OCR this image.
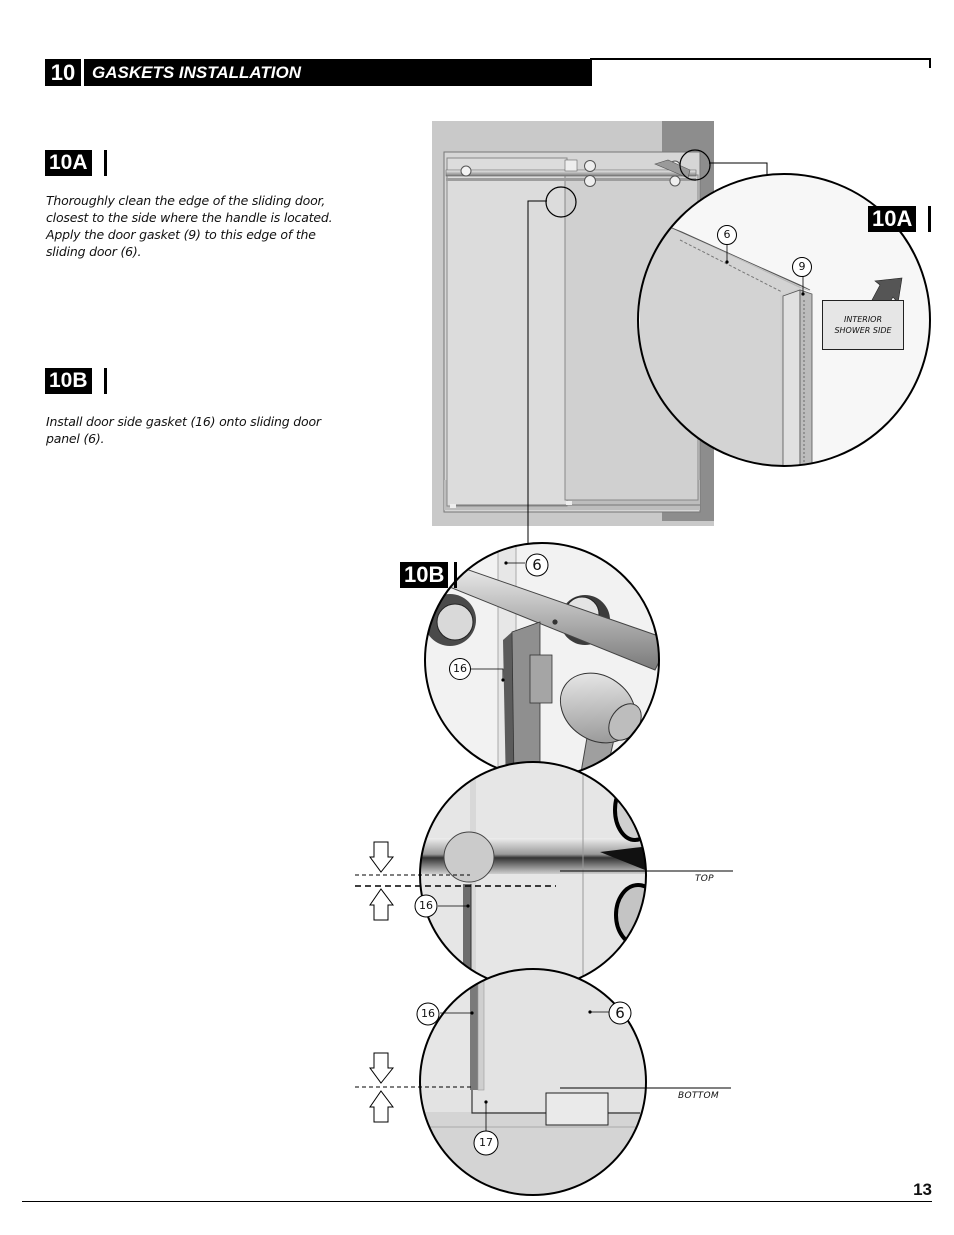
10 GASKETS INSTALLATION
10A
Thoroughly clean the edge of the sliding door, closest to the side where the handle is located. Apply the door gasket (9) to this edge of the sliding door (6).
10B
Install door side gasket (16) onto sliding door panel (6).
10A
10B
6
9
INTERIOR
SHOWER SIDE
6
16
16
TOP
16	6
17
BOTTOM
13
